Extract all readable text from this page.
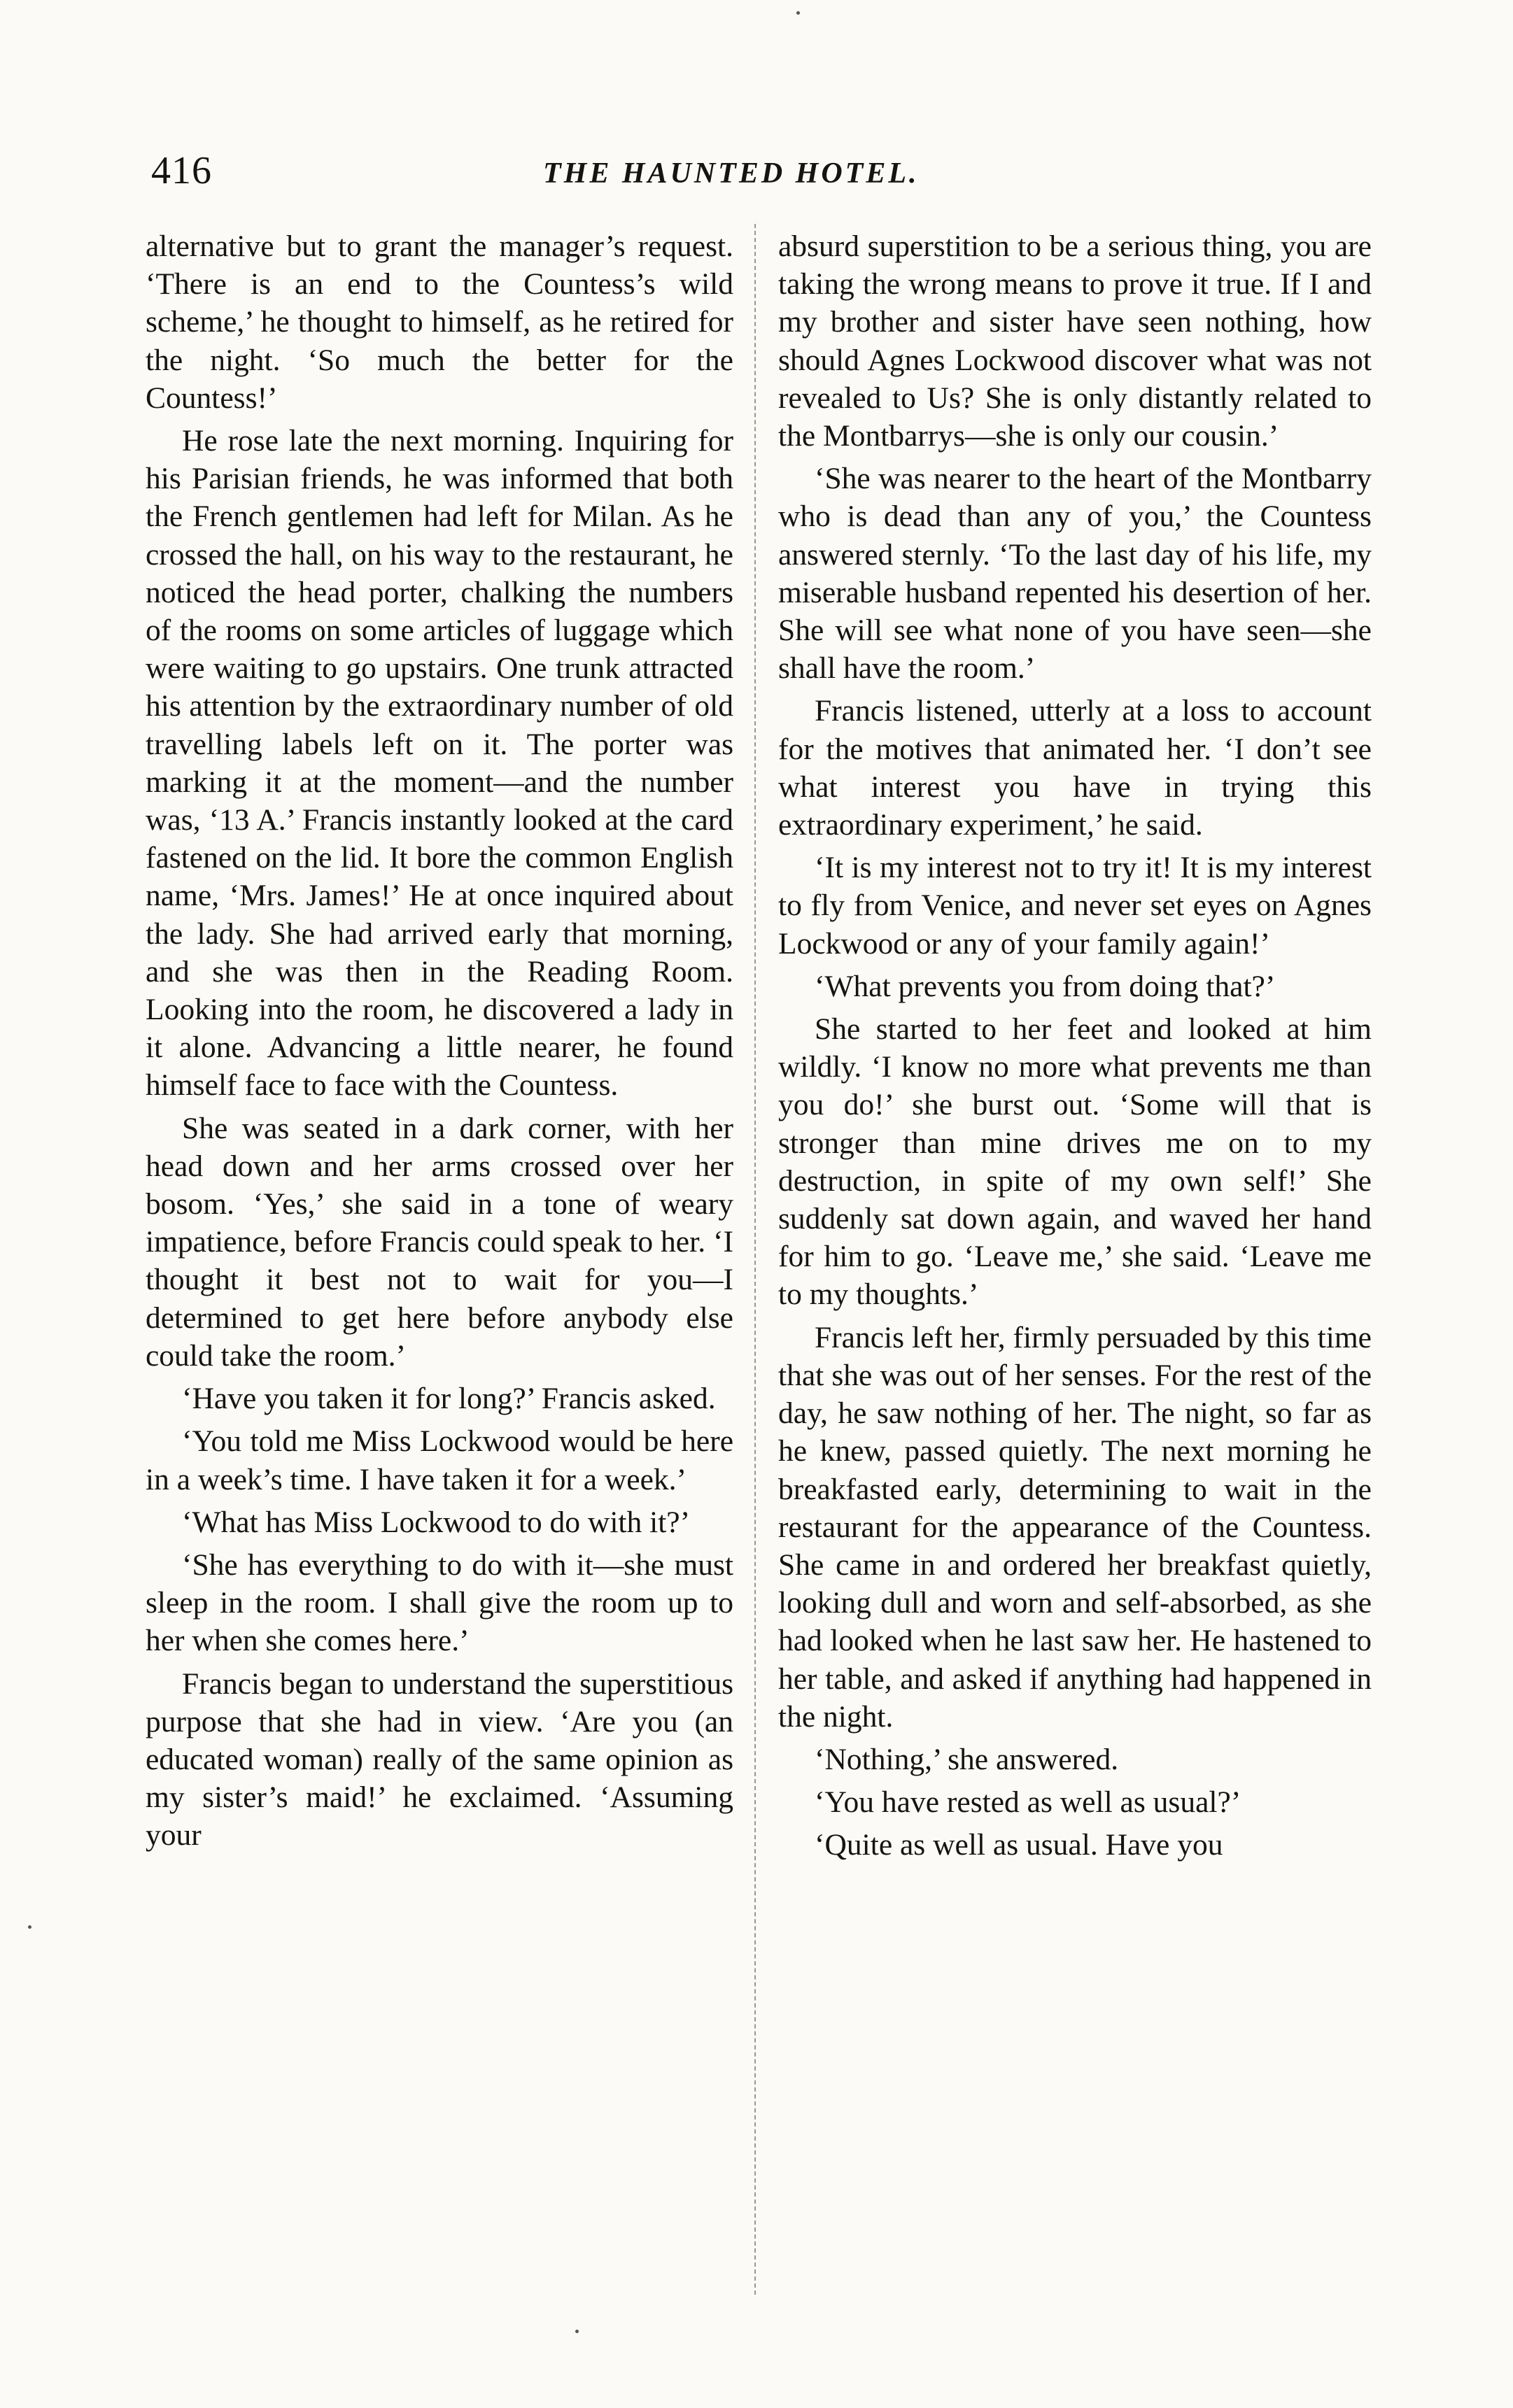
416	THE HAUNTED HOTEL.

alternative but to grant the manager’s request. ‘There is an end to the Countess’s wild scheme,’ he thought to himself, as he retired for the night. ‘So much the better for the Countess!’

He rose late the next morning. Inquiring for his Parisian friends, he was informed that both the French gentlemen had left for Milan. As he crossed the hall, on his way to the restaurant, he noticed the head porter, chalking the numbers of the rooms on some articles of luggage which were waiting to go upstairs. One trunk attracted his attention by the extraordinary number of old travelling labels left on it. The porter was marking it at the moment—and the number was, ‘13 A.’ Francis instantly looked at the card fastened on the lid. It bore the common English name, ‘Mrs. James!’ He at once inquired about the lady. She had arrived early that morning, and she was then in the Reading Room. Looking into the room, he discovered a lady in it alone. Advancing a little nearer, he found himself face to face with the Countess.

She was seated in a dark corner, with her head down and her arms crossed over her bosom. ‘Yes,’ she said in a tone of weary impatience, before Francis could speak to her. ‘I thought it best not to wait for you—I determined to get here before anybody else could take the room.’

‘Have you taken it for long?’ Francis asked.

‘You told me Miss Lockwood would be here in a week’s time. I have taken it for a week.’

‘What has Miss Lockwood to do with it?’

‘She has everything to do with it—she must sleep in the room. I shall give the room up to her when she comes here.’

Francis began to understand the superstitious purpose that she had in view. ‘Are you (an educated woman) really of the same opinion as my sister’s maid!’ he exclaimed. ‘Assuming your

absurd superstition to be a serious thing, you are taking the wrong means to prove it true. If I and my brother and sister have seen nothing, how should Agnes Lockwood discover what was not revealed to Us? She is only distantly related to the Montbarrys—she is only our cousin.’

‘She was nearer to the heart of the Montbarry who is dead than any of you,’ the Countess answered sternly. ‘To the last day of his life, my miserable husband repented his desertion of her. She will see what none of you have seen—she shall have the room.’

Francis listened, utterly at a loss to account for the motives that animated her. ‘I don’t see what interest you have in trying this extraordinary experiment,’ he said.

‘It is my interest not to try it! It is my interest to fly from Venice, and never set eyes on Agnes Lockwood or any of your family again!’

‘What prevents you from doing that?’

She started to her feet and looked at him wildly. ‘I know no more what prevents me than you do!’ she burst out. ‘Some will that is stronger than mine drives me on to my destruction, in spite of my own self!’ She suddenly sat down again, and waved her hand for him to go. ‘Leave me,’ she said. ‘Leave me to my thoughts.’

Francis left her, firmly persuaded by this time that she was out of her senses. For the rest of the day, he saw nothing of her. The night, so far as he knew, passed quietly. The next morning he breakfasted early, determining to wait in the restaurant for the appearance of the Countess. She came in and ordered her breakfast quietly, looking dull and worn and self-absorbed, as she had looked when he last saw her. He hastened to her table, and asked if anything had happened in the night.

‘Nothing,’ she answered.

‘You have rested as well as usual?’

‘Quite as well as usual. Have you
